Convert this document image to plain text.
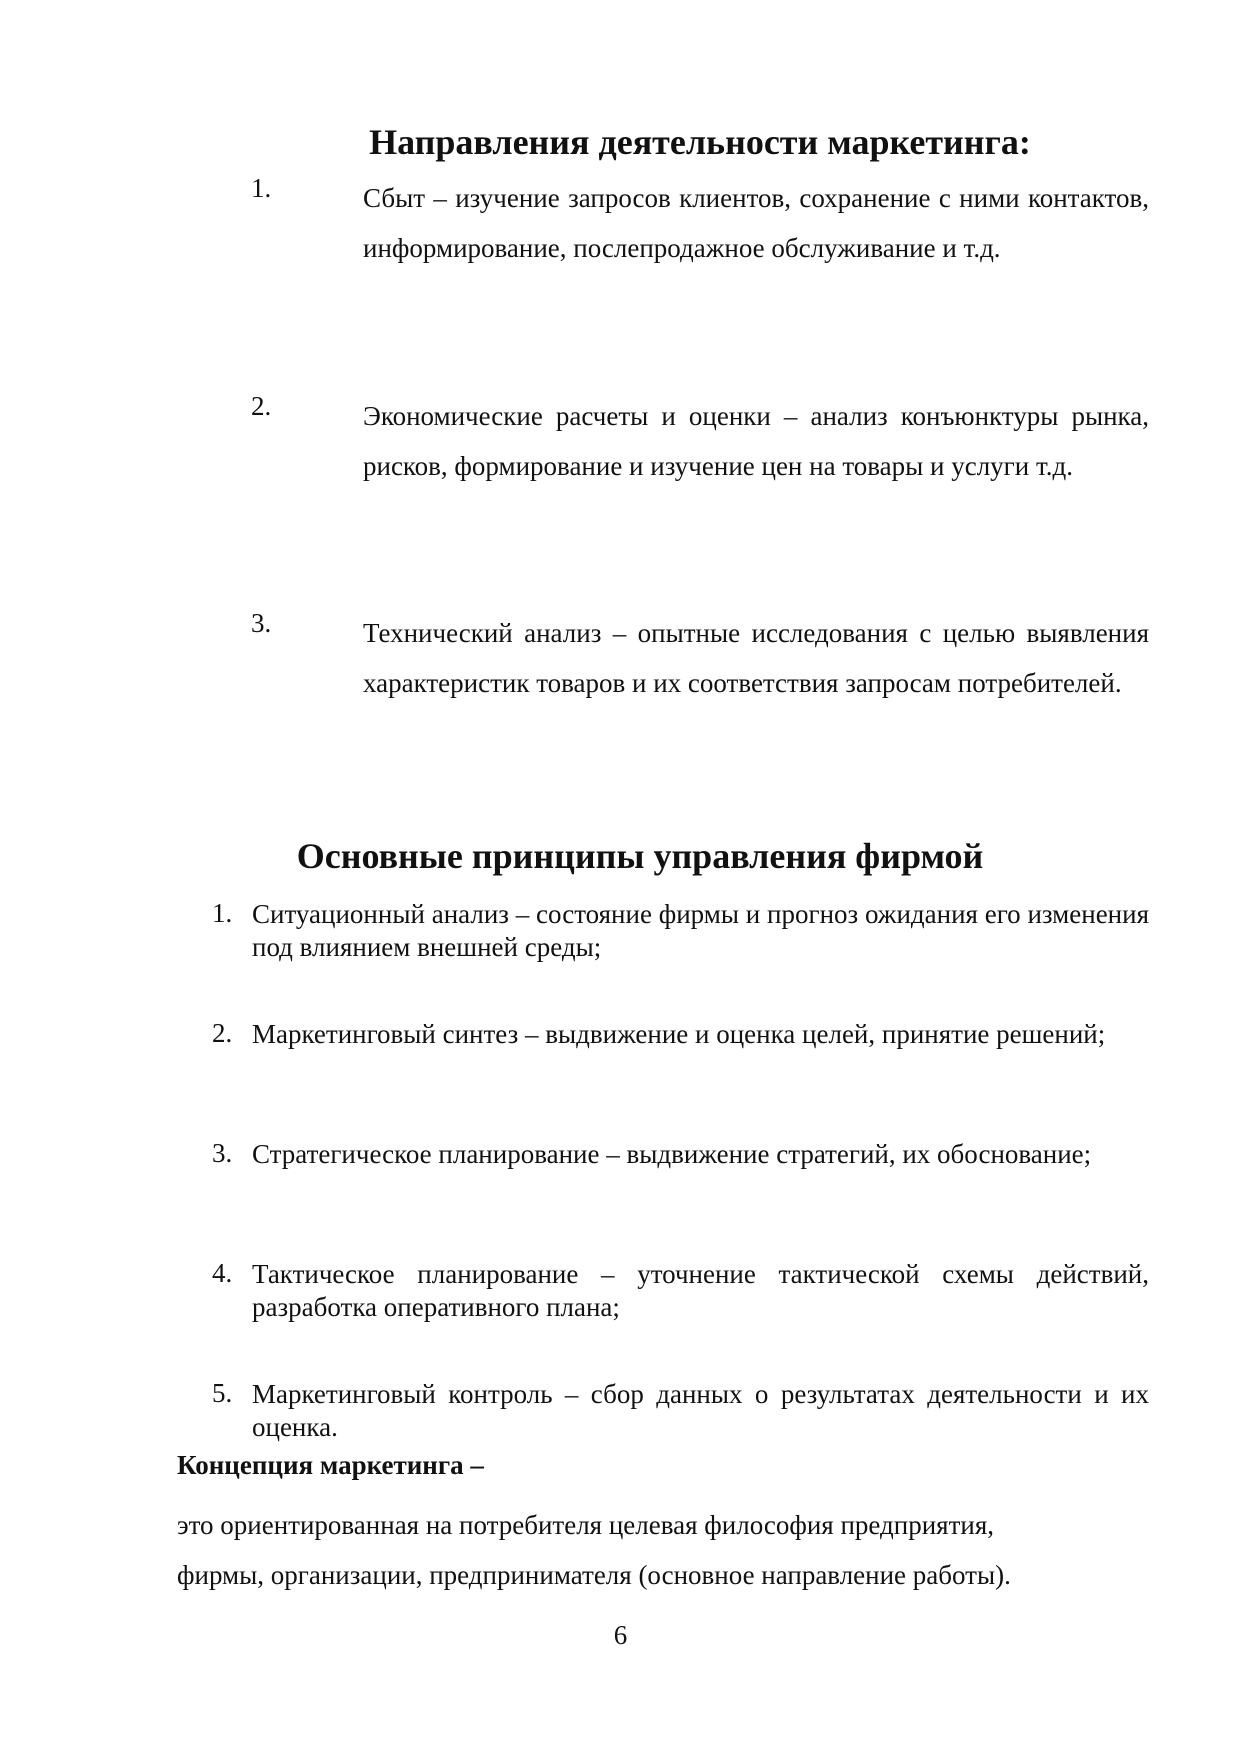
Направления деятельности маркетинга:
1.	Сбыт – изучение запросов клиентов, сохранение с ними контактов, информирование, послепродажное обслуживание и т.д.
2.	Экономические расчеты и оценки – анализ конъюнктуры рынка, рисков, формирование и изучение цен на товары и услуги т.д.
3.	Технический анализ – опытные исследования с целью выявления характеристик товаров и их соответствия запросам потребителей.
Основные принципы управления фирмой
1. Ситуационный анализ – состояние фирмы и прогноз ожидания его изменения под влиянием внешней среды;
2. Маркетинговый синтез – выдвижение и оценка целей, принятие решений;
3. Стратегическое планирование – выдвижение стратегий, их обоснование;
4. Тактическое планирование – уточнение тактической схемы действий, разработка оперативного плана;
5. Маркетинговый контроль – сбор данных о результатах деятельности и их оценка.
Концепция маркетинга –
это ориентированная на потребителя целевая философия предприятия,
фирмы, организации, предпринимателя (основное направление работы).
6
